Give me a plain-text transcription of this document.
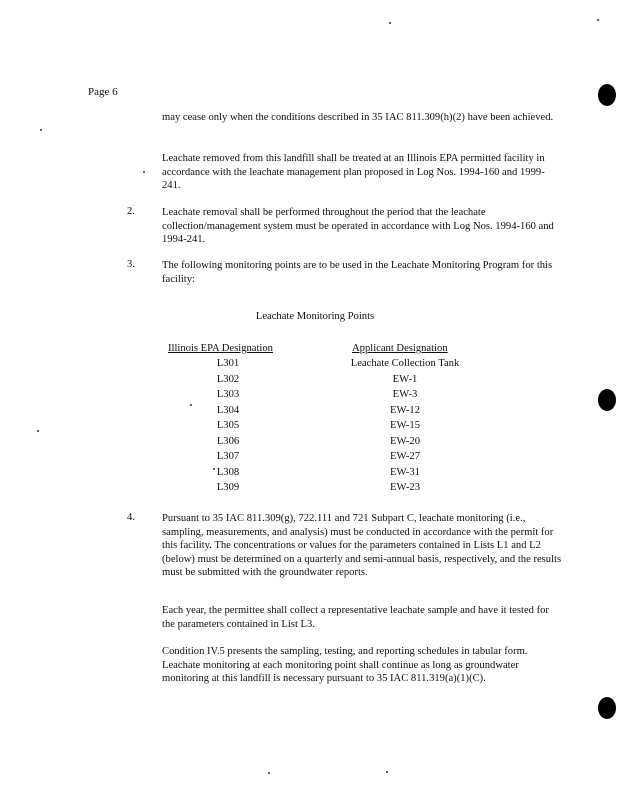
Page 6
may cease only when the conditions described in 35 IAC 811.309(h)(2) have been achieved.
Leachate removed from this landfill shall be treated at an Illinois EPA permitted facility in accordance with the leachate management plan proposed in Log Nos. 1994-160 and 1999-241.
2.	Leachate removal shall be performed throughout the period that the leachate collection/management system must be operated in accordance with Log Nos. 1994-160 and 1994-241.
3.	The following monitoring points are to be used in the Leachate Monitoring Program for this facility:
Leachate Monitoring Points
Illinois EPA Designation	Applicant Designation
L301	Leachate Collection Tank
L302	EW-1
L303	EW-3
L304	EW-12
L305	EW-15
L306	EW-20
L307	EW-27
L308	EW-31
L309	EW-23
4.	Pursuant to 35 IAC 811.309(g), 722.111 and 721 Subpart C, leachate monitoring (i.e., sampling, measurements, and analysis) must be conducted in accordance with the permit for this facility. The concentrations or values for the parameters contained in Lists L1 and L2 (below) must be determined on a quarterly and semi-annual basis, respectively, and the results must be submitted with the groundwater reports.
Each year, the permittee shall collect a representative leachate sample and have it tested for the parameters contained in List L3.
Condition IV.5 presents the sampling, testing, and reporting schedules in tabular form. Leachate monitoring at each monitoring point shall continue as long as groundwater monitoring at this landfill is necessary pursuant to 35 IAC 811.319(a)(1)(C).
